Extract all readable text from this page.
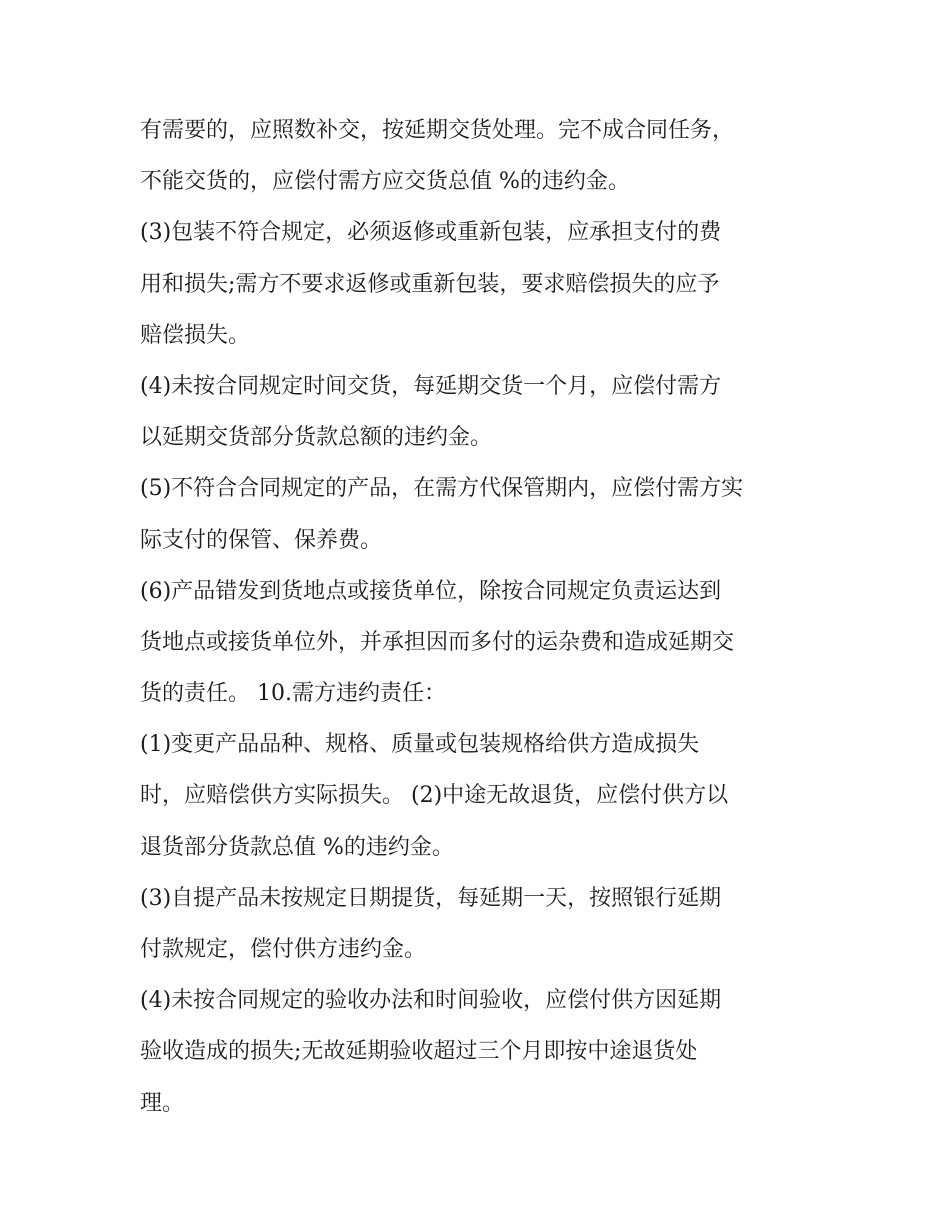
有需要的，应照数补交，按延期交货处理。完不成合同任务，
不能交货的，应偿付需方应交货总值 %的违约金。
(3)包装不符合规定，必须返修或重新包装，应承担支付的费
用和损失;需方不要求返修或重新包装，要求赔偿损失的应予
赔偿损失。
(4)未按合同规定时间交货，每延期交货一个月，应偿付需方
以延期交货部分货款总额的违约金。
(5)不符合合同规定的产品，在需方代保管期内，应偿付需方实
际支付的保管、保养费。
(6)产品错发到货地点或接货单位，除按合同规定负责运达到
货地点或接货单位外，并承担因而多付的运杂费和造成延期交
货的责任。 10.需方违约责任：
(1)变更产品品种、规格、质量或包装规格给供方造成损失
时，应赔偿供方实际损失。 (2)中途无故退货，应偿付供方以
退货部分货款总值 %的违约金。
(3)自提产品未按规定日期提货，每延期一天，按照银行延期
付款规定，偿付供方违约金。
(4)未按合同规定的验收办法和时间验收，应偿付供方因延期
验收造成的损失;无故延期验收超过三个月即按中途退货处
理。
